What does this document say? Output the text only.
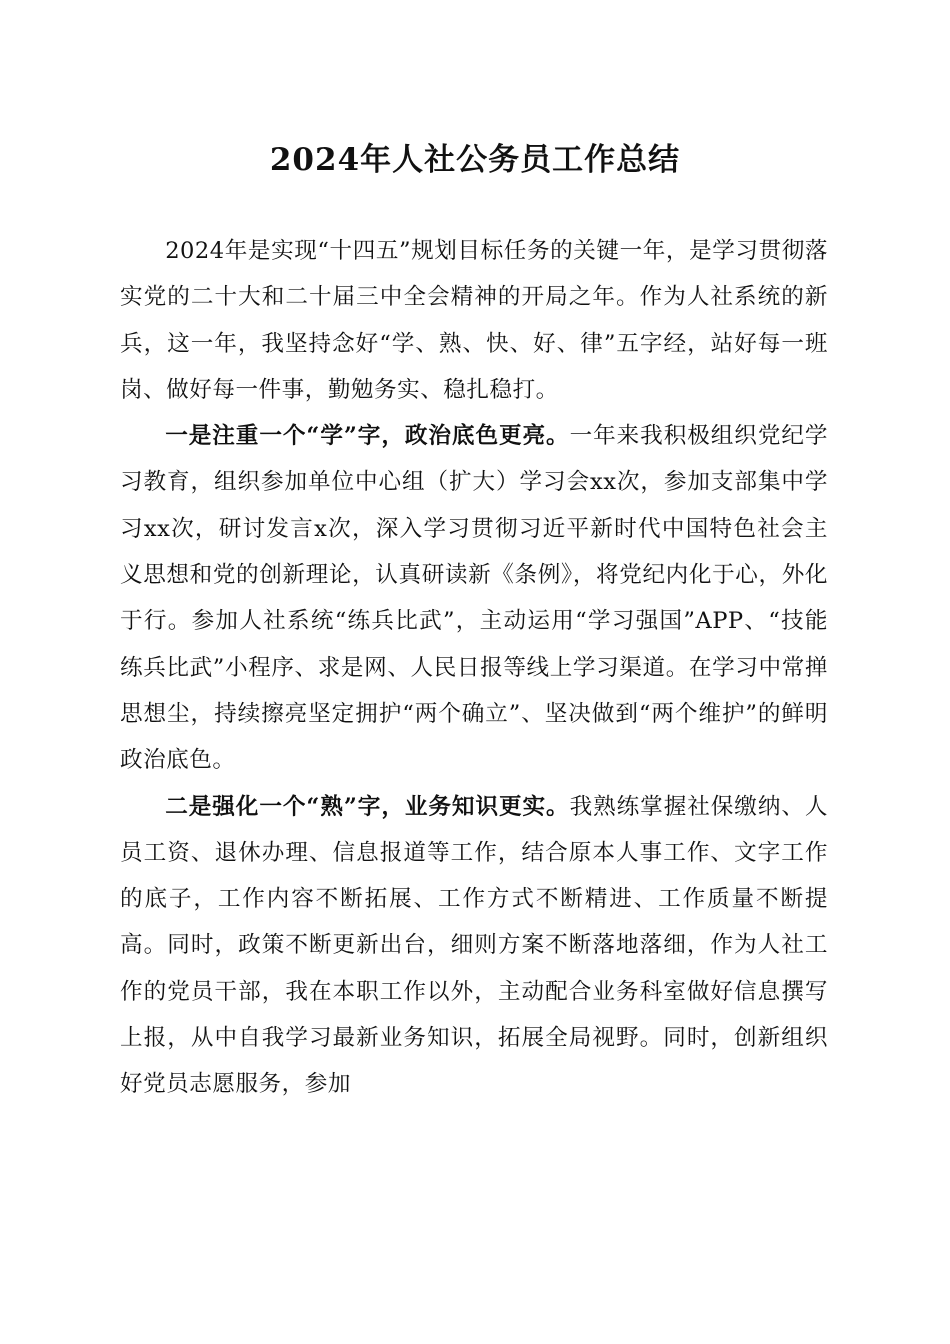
2024年人社公务员工作总结

2024年是实现“十四五”规划目标任务的关键一年，是学习贯彻落实党的二十大和二十届三中全会精神的开局之年。作为人社系统的新兵，这一年，我坚持念好“学、熟、快、好、律”五字经，站好每一班岗、做好每一件事，勤勉务实、稳扎稳打。

一是注重一个“学”字，政治底色更亮。一年来我积极组织党纪学习教育，组织参加单位中心组（扩大）学习会xx次，参加支部集中学习xx次，研讨发言x次，深入学习贯彻习近平新时代中国特色社会主义思想和党的创新理论，认真研读新《条例》，将党纪内化于心，外化于行。参加人社系统“练兵比武”，主动运用“学习强国”APP、“技能练兵比武”小程序、求是网、人民日报等线上学习渠道。在学习中常掸思想尘，持续擦亮坚定拥护“两个确立”、坚决做到“两个维护”的鲜明政治底色。

二是强化一个“熟”字，业务知识更实。我熟练掌握社保缴纳、人员工资、退休办理、信息报道等工作，结合原本人事工作、文字工作的底子，工作内容不断拓展、工作方式不断精进、工作质量不断提高。同时，政策不断更新出台，细则方案不断落地落细，作为人社工作的党员干部，我在本职工作以外，主动配合业务科室做好信息撰写上报，从中自我学习最新业务知识，拓展全局视野。同时，创新组织好党员志愿服务，参加
